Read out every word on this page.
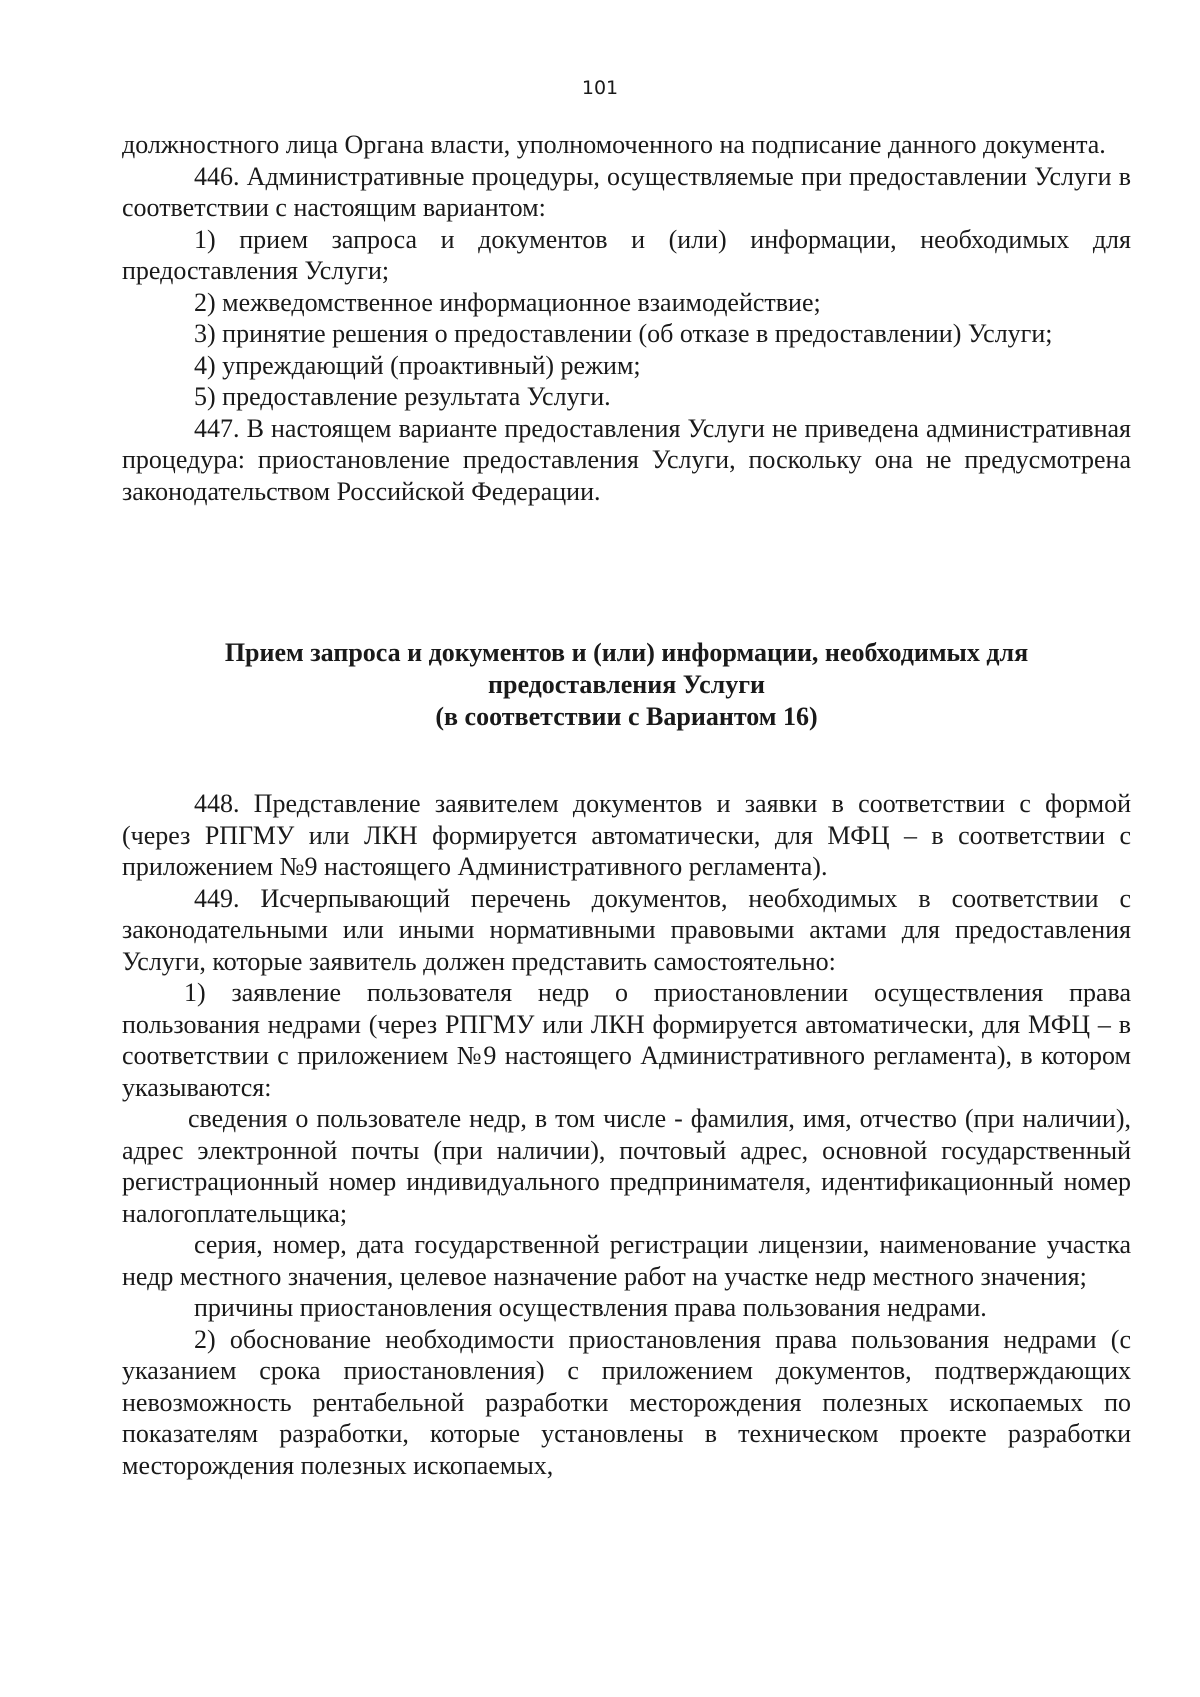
101

должностного лица Органа власти, уполномоченного на подписание данного документа.

446. Административные процедуры, осуществляемые при предоставлении Услуги в соответствии с настоящим вариантом:

1) прием запроса и документов и (или) информации, необходимых для предоставления Услуги;

2) межведомственное информационное взаимодействие;

3) принятие решения о предоставлении (об отказе в предоставлении) Услуги;

4) упреждающий (проактивный) режим;

5) предоставление результата Услуги.

447. В настоящем варианте предоставления Услуги не приведена административная процедура: приостановление предоставления Услуги, поскольку она не предусмотрена законодательством Российской Федерации.

Прием запроса и документов и (или) информации, необходимых для
предоставления Услуги
(в соответствии с Вариантом 16)

448. Представление заявителем документов и заявки в соответствии с формой (через РПГМУ или ЛКН формируется автоматически, для МФЦ – в соответствии с приложением №9 настоящего Административного регламента).

449. Исчерпывающий перечень документов, необходимых в соответствии с законодательными или иными нормативными правовыми актами для предоставления Услуги, которые заявитель должен представить самостоятельно:

1) заявление пользователя недр о приостановлении осуществления права пользования недрами (через РПГМУ или ЛКН формируется автоматически, для МФЦ – в соответствии с приложением №9 настоящего Административного регламента), в котором указываются:

сведения о пользователе недр, в том числе - фамилия, имя, отчество (при наличии), адрес электронной почты (при наличии), почтовый адрес, основной государственный регистрационный номер индивидуального предпринимателя, идентификационный номер налогоплательщика;

серия, номер, дата государственной регистрации лицензии, наименование участка недр местного значения, целевое назначение работ на участке недр местного значения;

причины приостановления осуществления права пользования недрами.

2) обоснование необходимости приостановления права пользования недрами (с указанием срока приостановления) с приложением документов, подтверждающих невозможность рентабельной разработки месторождения полезных ископаемых по показателям разработки, которые установлены в техническом проекте разработки месторождения полезных ископаемых,
